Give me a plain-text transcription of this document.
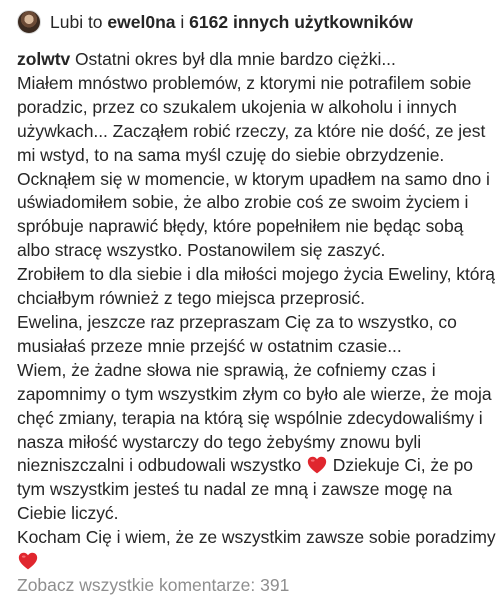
Lubi to ewel0na i 6162 innych użytkowników

zolwtv Ostatni okres był dla mnie bardzo ciężki...

Miałem mnóstwo problemów, z ktorymi nie potrafilem sobie poradzic, przez co szukalem ukojenia w alkoholu i innych używkach... Zacząłem robić rzeczy, za które nie dość, ze jest mi wstyd, to na sama myśl czuję do siebie obrzydzenie. Ocknąłem się w momencie, w ktorym upadłem na samo dno i uświadomiłem sobie, że albo zrobie coś ze swoim życiem i spróbuje naprawić błędy, które popełniłem nie będąc sobą albo stracę wszystko. Postanowilem się zaszyć.

Zrobiłem to dla siebie i dla miłości mojego życia Eweliny, którą chciałbym również z tego miejsca przeprosić.

Ewelina, jeszcze raz przepraszam Cię za to wszystko, co musiałaś przeze mnie przejść w ostatnim czasie...

Wiem, że żadne słowa nie sprawią, że cofniemy czas i zapomnimy o tym wszystkim złym co było ale wierze, że moja chęć zmiany, terapia na którą się wspólnie zdecydowaliśmy i nasza miłość wystarczy do tego żebyśmy znowu byli niezniszczalni i odbudowali wszystko Dziekuje Ci, że po tym wszystkim jesteś tu nadal ze mną i zawsze mogę na Ciebie liczyć.

Kocham Cię i wiem, że ze wszystkim zawsze sobie poradzimy

Zobacz wszystkie komentarze: 391
